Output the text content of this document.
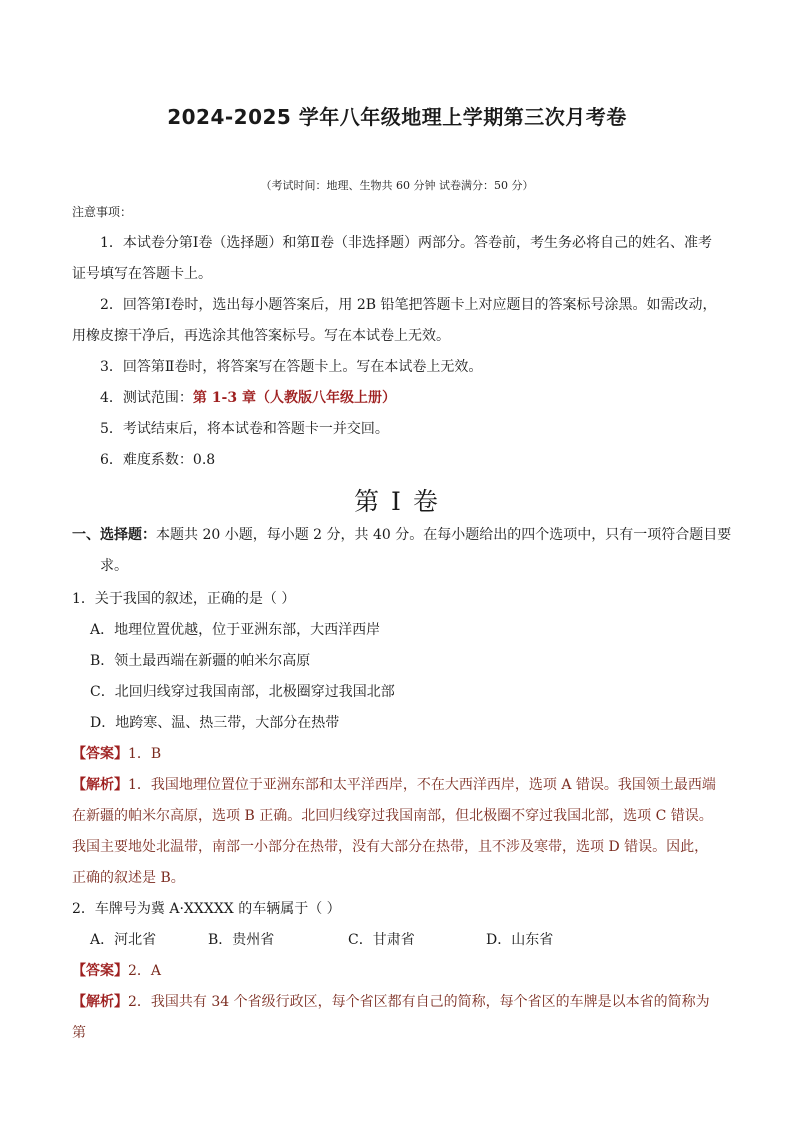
2024-2025 学年八年级地理上学期第三次月考卷
（考试时间：地理、生物共 60 分钟 试卷满分：50 分）
注意事项：
1．本试卷分第Ⅰ卷（选择题）和第Ⅱ卷（非选择题）两部分。答卷前，考生务必将自己的姓名、准考证号填写在答题卡上。
2．回答第Ⅰ卷时，选出每小题答案后，用 2B 铅笔把答题卡上对应题目的答案标号涂黑。如需改动，用橡皮擦干净后，再选涂其他答案标号。写在本试卷上无效。
3．回答第Ⅱ卷时，将答案写在答题卡上。写在本试卷上无效。
4．测试范围：第 1-3 章（人教版八年级上册）
5．考试结束后，将本试卷和答题卡一并交回。
6．难度系数：0.8
第 I 卷
一、选择题：本题共 20 小题，每小题 2 分，共 40 分。在每小题给出的四个选项中，只有一项符合题目要求。
1．关于我国的叙述，正确的是（ ）
A．地理位置优越，位于亚洲东部，大西洋西岸
B．领土最西端在新疆的帕米尔高原
C．北回归线穿过我国南部，北极圈穿过我国北部
D．地跨寒、温、热三带，大部分在热带
【答案】1．B
【解析】1．我国地理位置位于亚洲东部和太平洋西岸，不在大西洋西岸，选项 A 错误。我国领土最西端在新疆的帕米尔高原，选项 B 正确。北回归线穿过我国南部，但北极圈不穿过我国北部，选项 C 错误。我国主要地处北温带，南部一小部分在热带，没有大部分在热带，且不涉及寒带，选项 D 错误。因此，正确的叙述是 B。
2．车牌号为冀 A·XXXXX 的车辆属于（ ）
A．河北省	B．贵州省	C．甘肃省	D．山东省
【答案】2．A
【解析】2．我国共有 34 个省级行政区，每个省区都有自己的简称，每个省区的车牌是以本省的简称为第
